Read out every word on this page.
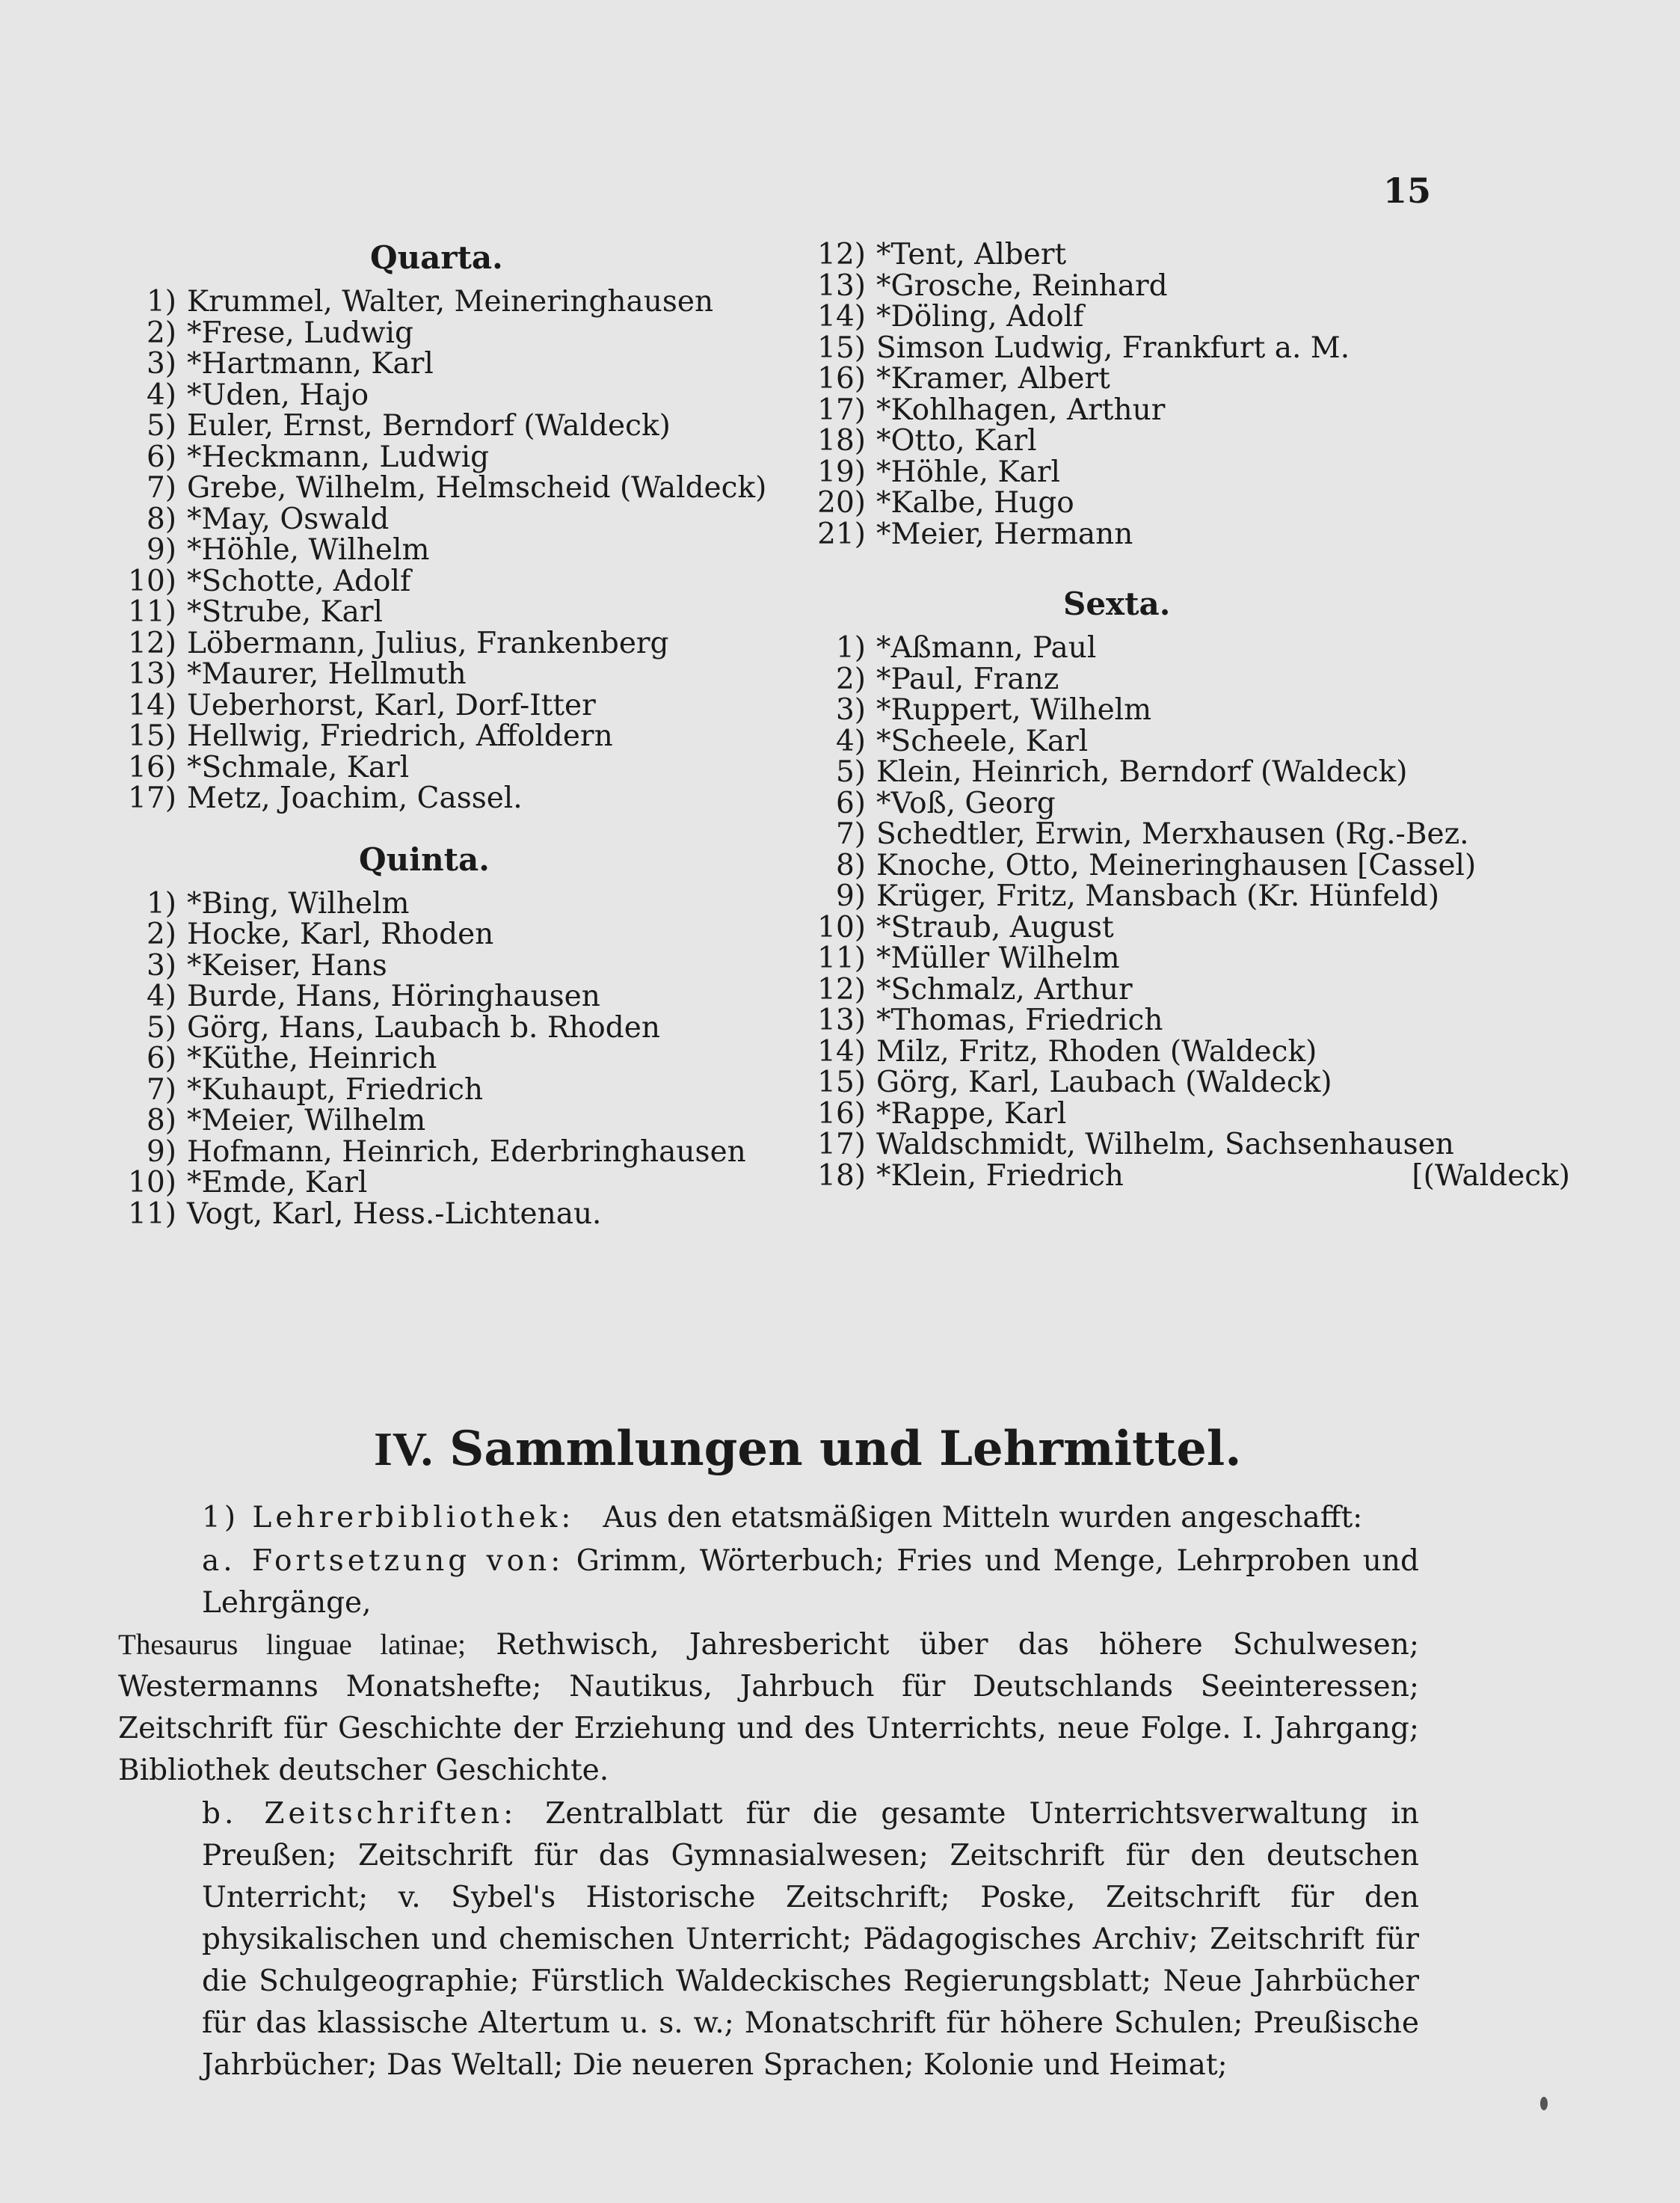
15
Quarta.
1) Krummel, Walter, Meineringhausen
2) *Frese, Ludwig
3) *Hartmann, Karl
4) *Uden, Hajo
5) Euler, Ernst, Berndorf (Waldeck)
6) *Heckmann, Ludwig
7) Grebe, Wilhelm, Helmscheid (Waldeck)
8) *May, Oswald
9) *Höhle, Wilhelm
10) *Schotte, Adolf
11) *Strube, Karl
12) Löbermann, Julius, Frankenberg
13) *Maurer, Hellmuth
14) Ueberhorst, Karl, Dorf-Itter
15) Hellwig, Friedrich, Affoldern
16) *Schmale, Karl
17) Metz, Joachim, Cassel.
Quinta.
1) *Bing, Wilhelm
2) Hocke, Karl, Rhoden
3) *Keiser, Hans
4) Burde, Hans, Höringhausen
5) Görg, Hans, Laubach b. Rhoden
6) *Küthe, Heinrich
7) *Kuhaupt, Friedrich
8) *Meier, Wilhelm
9) Hofmann, Heinrich, Ederbringhausen
10) *Emde, Karl
11) Vogt, Karl, Hess.-Lichtenau.
12) *Tent, Albert
13) *Grosche, Reinhard
14) *Döling, Adolf
15) Simson Ludwig, Frankfurt a. M.
16) *Kramer, Albert
17) *Kohlhagen, Arthur
18) *Otto, Karl
19) *Höhle, Karl
20) *Kalbe, Hugo
21) *Meier, Hermann
Sexta.
1) *Aßmann, Paul
2) *Paul, Franz
3) *Ruppert, Wilhelm
4) *Scheele, Karl
5) Klein, Heinrich, Berndorf (Waldeck)
6) *Voß, Georg
7) Schedtler, Erwin, Merxhausen (Rg.-Bez.
8) Knoche, Otto, Meineringhausen [Cassel)
9) Krüger, Fritz, Mansbach (Kr. Hünfeld)
10) *Straub, August
11) *Müller Wilhelm
12) *Schmalz, Arthur
13) *Thomas, Friedrich
14) Milz, Fritz, Rhoden (Waldeck)
15) Görg, Karl, Laubach (Waldeck)
16) *Rappe, Karl
17) Waldschmidt, Wilhelm, Sachsenhausen
18) *Klein, Friedrich	[(Waldeck)
IV. Sammlungen und Lehrmittel.

1) Lehrerbibliothek: Aus den etatsmäßigen Mitteln wurden angeschafft:

a. Fortsetzung von: Grimm, Wörterbuch; Fries und Menge, Lehrproben und Lehrgänge,

Thesaurus linguae latinae; Rethwisch, Jahresbericht über das höhere Schulwesen; Westermanns Monatshefte; Nautikus, Jahrbuch für Deutschlands Seeinteressen; Zeitschrift für Geschichte der Erziehung und des Unterrichts, neue Folge. I. Jahrgang; Bibliothek deutscher Geschichte.

b. Zeitschriften: Zentralblatt für die gesamte Unterrichtsverwaltung in Preußen; Zeitschrift für das Gymnasialwesen; Zeitschrift für den deutschen Unterricht; v. Sybel's Historische Zeitschrift; Poske, Zeitschrift für den physikalischen und chemischen Unterricht; Pädagogisches Archiv; Zeitschrift für die Schulgeographie; Fürstlich Waldeckisches Regierungsblatt; Neue Jahrbücher für das klassische Altertum u. s. w.; Monatschrift für höhere Schulen; Preußische Jahrbücher; Das Weltall; Die neueren Sprachen; Kolonie und Heimat;
